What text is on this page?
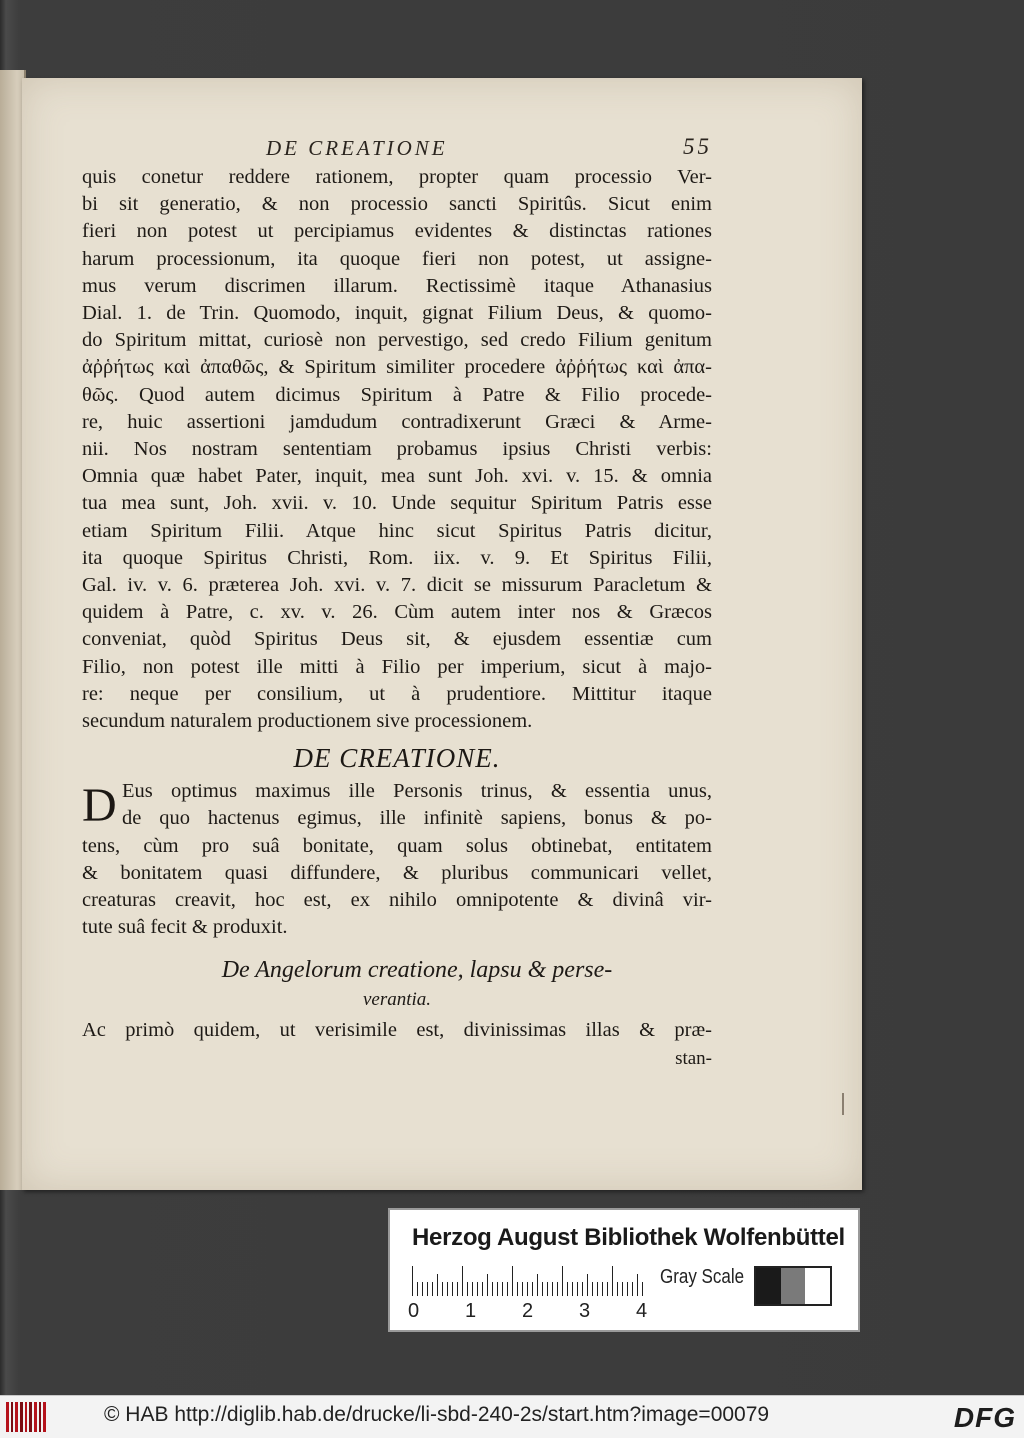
DE CREATIONE	55
quis conetur reddere rationem, propter quam processio Ver-
bi sit generatio, & non processio sancti Spiritûs. Sicut enim
fieri non potest ut percipiamus evidentes & distinctas rationes
harum processionum, ita quoque fieri non potest, ut assigne-
mus verum discrimen illarum. Rectissimè itaque Athanasius
Dial. 1. de Trin. Quomodo, inquit, gignat Filium Deus, & quomo-
do Spiritum mittat, curiosè non pervestigo, sed credo Filium genitum
ἀῤῥήτως καὶ ἀπαθῶς, & Spiritum similiter procedere ἀῤῥήτως καὶ ἀπα-
θῶς. Quod autem dicimus Spiritum à Patre & Filio procede-
re, huic assertioni jamdudum contradixerunt Græci & Arme-
nii. Nos nostram sententiam probamus ipsius Christi verbis:
Omnia quæ habet Pater, inquit, mea sunt Joh. xvi. v. 15. & omnia
tua mea sunt, Joh. xvii. v. 10. Unde sequitur Spiritum Patris esse
etiam Spiritum Filii. Atque hinc sicut Spiritus Patris dicitur,
ita quoque Spiritus Christi, Rom. iix. v. 9. Et Spiritus Filii,
Gal. iv. v. 6. præterea Joh. xvi. v. 7. dicit se missurum Paracletum &
quidem à Patre, c. xv. v. 26. Cùm autem inter nos & Græcos
conveniat, quòd Spiritus Deus sit, & ejusdem essentiæ cum
Filio, non potest ille mitti à Filio per imperium, sicut à majo-
re: neque per consilium, ut à prudentiore. Mittitur itaque
secundum naturalem productionem sive processionem.
DE CREATIONE.
D Eus optimus maximus ille Personis trinus, & essentia unus,
de quo hactenus egimus, ille infinitè sapiens, bonus & po-
tens, cùm pro suâ bonitate, quam solus obtinebat, entitatem
& bonitatem quasi diffundere, & pluribus communicari vellet,
creaturas creavit, hoc est, ex nihilo omnipotente & divinâ vir-
tute suâ fecit & produxit.
De Angelorum creatione, lapsu & perse-
verantia.
Ac primò quidem, ut verisimile est, divinissimas illas & præ-
stan-
Herzog August Bibliothek Wolfenbüttel
0 1 2 3 4
Gray Scale
© HAB http://diglib.hab.de/drucke/li-sbd-240-2s/start.htm?image=00079	DFG
